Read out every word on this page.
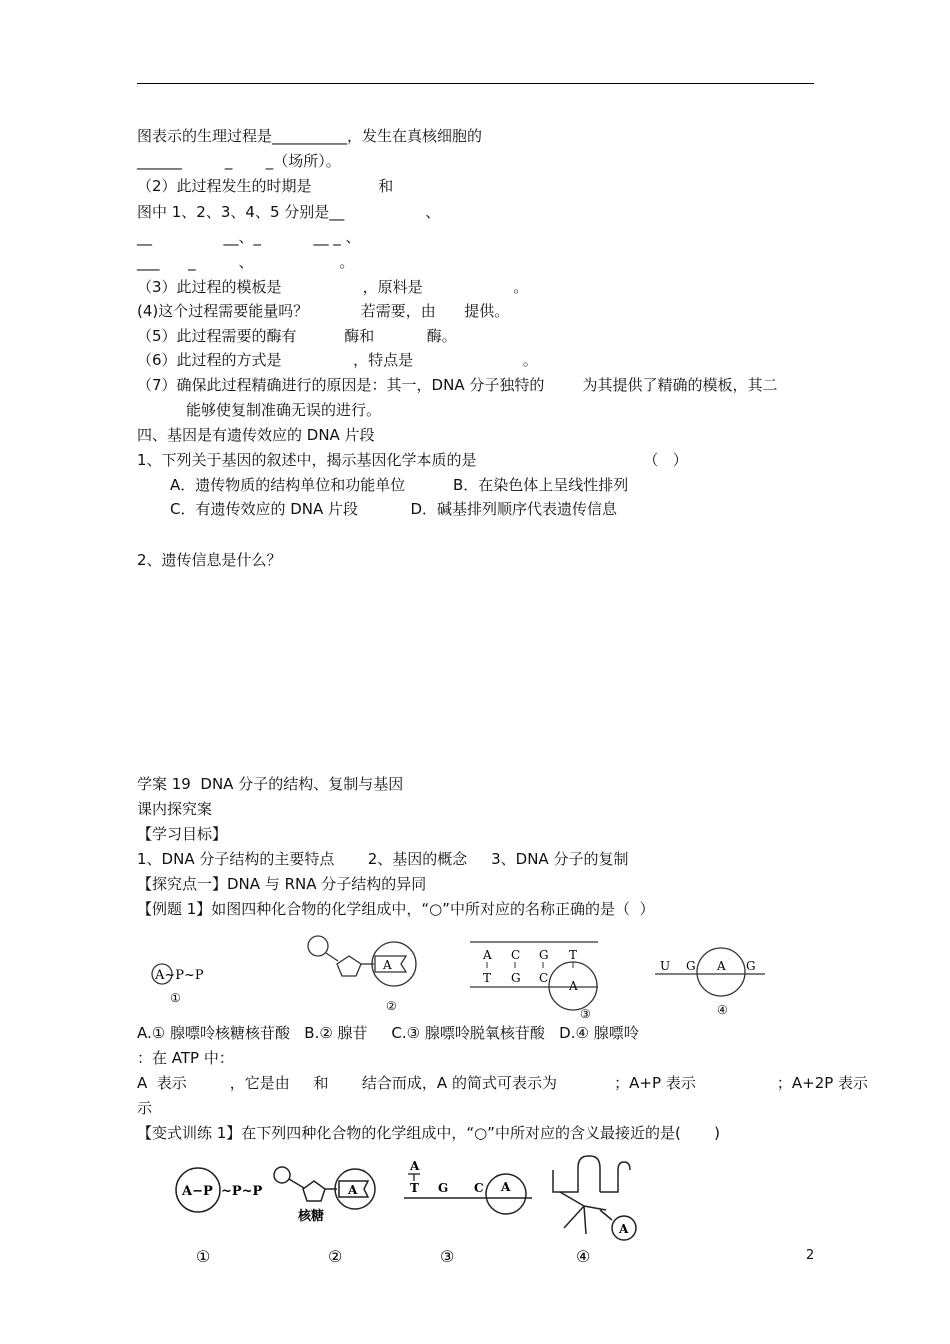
图表示的生理过程是__________，发生在真核细胞的
______         _       _（场所）。
（2）此过程发生的时期是              和
图中 1、2、3、4、5 分别是__                 、
__               __、_           __ _ 、
___      _         、                  。
（3）此过程的模板是                 ，原料是                   。
(4)这个过程需要能量吗？           若需要，由      提供。
（5）此过程需要的酶有          酶和           酶。
（6）此过程的方式是               ，特点是                       。
（7）确保此过程精确进行的原因是：其一，DNA 分子独特的        为其提供了精确的模板，其二
能够使复制准确无误的进行。
四、基因是有遗传效应的 DNA 片段
1、下列关于基因的叙述中，揭示基因化学本质的是                                   （   ）
A．遗传物质的结构单位和功能单位          B．在染色体上呈线性排列
C．有遗传效应的 DNA 片段           D．碱基排列顺序代表遗传信息
2、遗传信息是什么？
学案 19  DNA 分子的结构、复制与基因
课内探究案
【学习目标】
1、DNA 分子结构的主要特点       2、基因的概念     3、DNA 分子的复制
【探究点一】DNA 与 RNA 分子结构的异同
【例题 1】如图四种化合物的化学组成中，“○”中所对应的名称正确的是（  ）
A~P~P
①
A
②
A C G T
T G C
A
③
U G A G
④
A.① 腺嘌呤核糖核苷酸   B.② 腺苷     C.③ 腺嘌呤脱氧核苷酸   D.④ 腺嘌呤
：在 ATP 中：
A  表示         ，它是由     和       结合而成，A 的简式可表示为            ；A+P 表示                 ；A+2P 表示
示
【变式训练 1】在下列四种化合物的化学组成中，“○”中所对应的含义最接近的是(       )
A−P ~P~P
①
A
核糖
②
A
T G C A
③
A
④	2
